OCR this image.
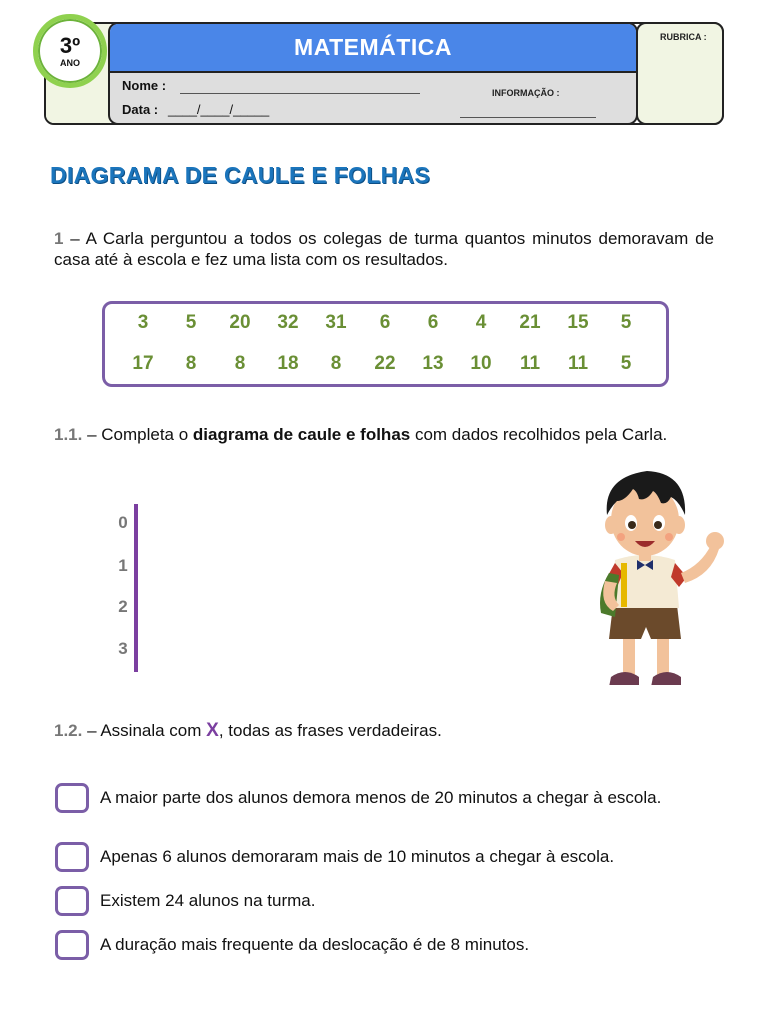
MATEMÁTICA	RUBRICA :
3º
ANO
Nome :
Data : ____/____/_____
INFORMAÇÃO :
DIAGRAMA DE CAULE E FOLHAS
1 – A Carla perguntou a todos os colegas de turma quantos minutos demoravam de casa até à escola e fez uma lista com os resultados.
3	5	20	32	31	6	6	4	21	15	5
17	8	8	18	8	22	13	10	11	11	5
1.1. – Completa o diagrama de caule e folhas com dados recolhidos pela Carla.
0
1
2
3
1.2. – Assinala com X, todas as frases verdadeiras.
A maior parte dos alunos demora menos de 20 minutos a chegar à escola.
Apenas 6 alunos demoraram mais de 10 minutos a chegar à escola.
Existem 24 alunos na turma.
A duração mais frequente da deslocação é de 8 minutos.
